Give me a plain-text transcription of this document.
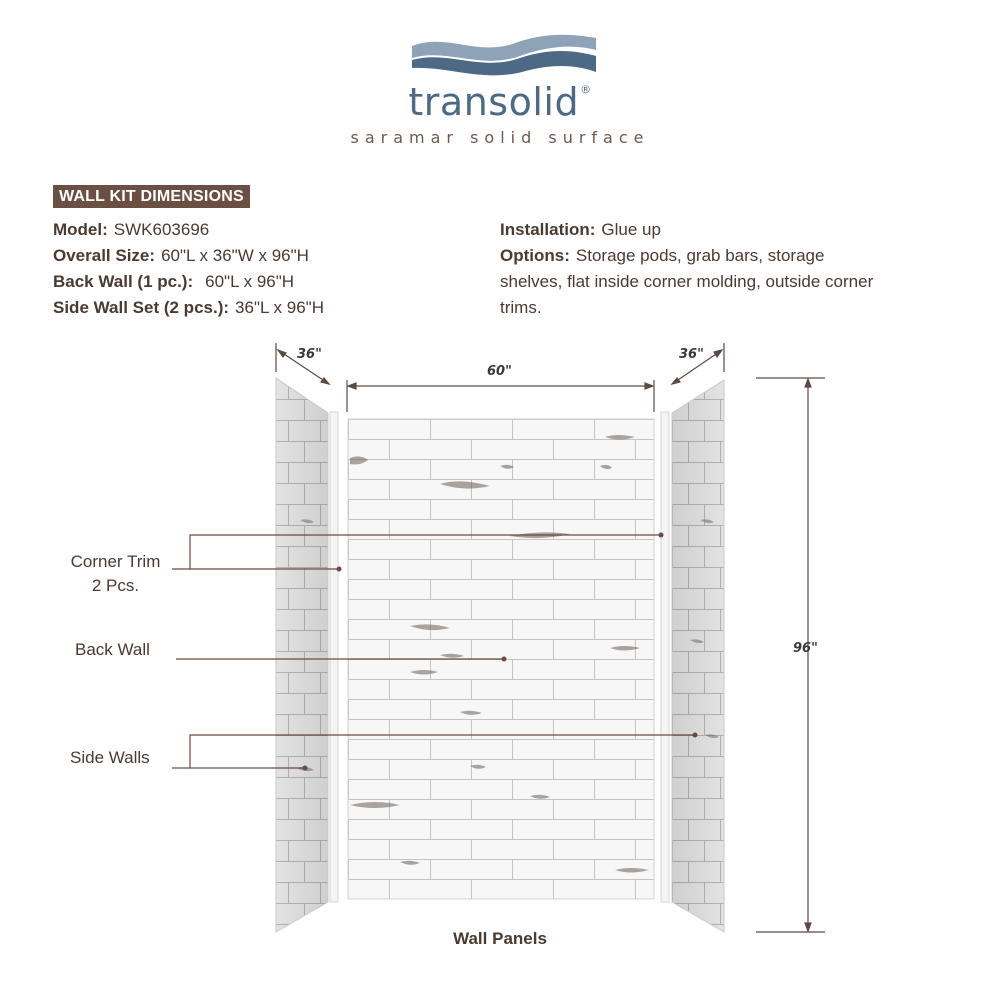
transolid®
saramar solid surface
WALL KIT DIMENSIONS
Model: SWK603696
Overall Size: 60"L x 36"W x 96"H
Back Wall (1 pc.): 60"L x 96"H
Side Wall Set (2 pcs.): 36"L x 96"H
Installation: Glue up
Options: Storage pods, grab bars, storage shelves, flat inside corner molding, outside corner trims.
36"
60"
36"
96"
Corner Trim
2 Pcs.
Back Wall
Side Walls
Wall Panels
